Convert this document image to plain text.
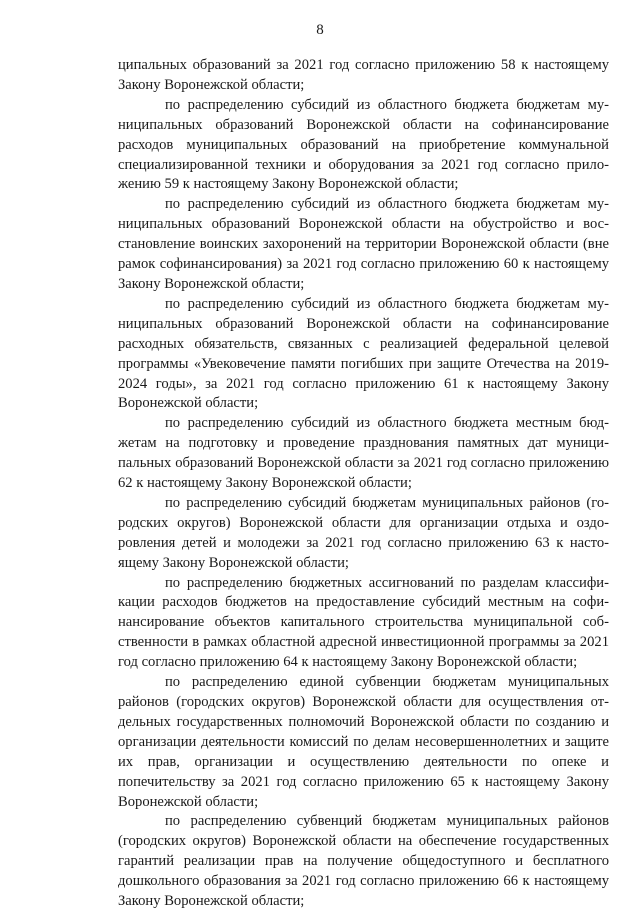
8

ципальных образований за 2021 год согласно приложению 58 к настоящему Закону Воронежской области;

по распределению субсидий из областного бюджета бюджетам муниципальных образований Воронежской области на софинансирование расходов муниципальных образований на приобретение коммунальной специализированной техники и оборудования за 2021 год согласно приложению 59 к настоящему Закону Воронежской области;

по распределению субсидий из областного бюджета бюджетам муниципальных образований Воронежской области на обустройство и восстановление воинских захоронений на территории Воронежской области (вне рамок софинансирования) за 2021 год согласно приложению 60 к настоящему Закону Воронежской области;

по распределению субсидий из областного бюджета бюджетам муниципальных образований Воронежской области на софинансирование расходных обязательств, связанных с реализацией федеральной целевой программы «Увековечение памяти погибших при защите Отечества на 2019-2024 годы», за 2021 год согласно приложению 61 к настоящему Закону Воронежской области;

по распределению субсидий из областного бюджета местным бюджетам на подготовку и проведение празднования памятных дат муниципальных образований Воронежской области за 2021 год согласно приложению 62 к настоящему Закону Воронежской области;

по распределению субсидий бюджетам муниципальных районов (городских округов) Воронежской области для организации отдыха и оздоровления детей и молодежи за 2021 год согласно приложению 63 к настоящему Закону Воронежской области;

по распределению бюджетных ассигнований по разделам классификации расходов бюджетов на предоставление субсидий местным на софинансирование объектов капитального строительства муниципальной собственности в рамках областной адресной инвестиционной программы за 2021 год согласно приложению 64 к настоящему Закону Воронежской области;

по распределению единой субвенции бюджетам муниципальных районов (городских округов) Воронежской области для осуществления отдельных государственных полномочий Воронежской области по созданию и организации деятельности комиссий по делам несовершеннолетних и защите их прав, организации и осуществлению деятельности по опеке и попечительству за 2021 год согласно приложению 65 к настоящему Закону Воронежской области;

по распределению субвенций бюджетам муниципальных районов (городских округов) Воронежской области на обеспечение государственных гарантий реализации прав на получение общедоступного и бесплатного дошкольного образования за 2021 год согласно приложению 66 к настоящему Закону Воронежской области;
